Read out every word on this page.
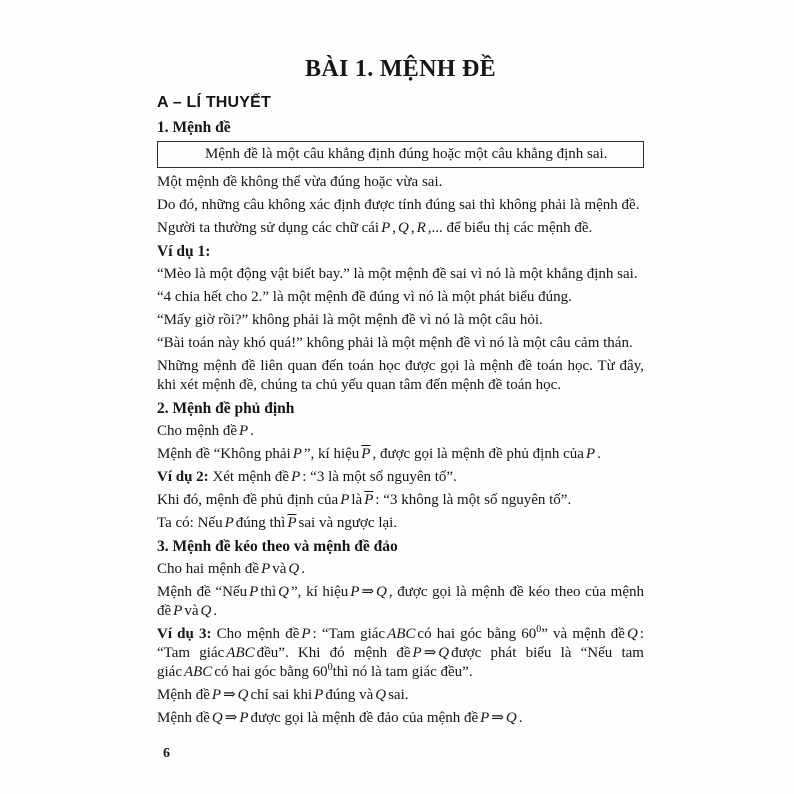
BÀI 1. MỆNH ĐỀ
A – LÍ THUYẾT
1. Mệnh đề
Mệnh đề là một câu khẳng định đúng hoặc một câu khẳng định sai.
Một mệnh đề không thể vừa đúng hoặc vừa sai.
Do đó, những câu không xác định được tính đúng sai thì không phải là mệnh đề.
Người ta thường sử dụng các chữ cái P , Q , R ,... để biểu thị các mệnh đề.
Ví dụ 1:
“Mèo là một động vật biết bay.” là một mệnh đề sai vì nó là một khẳng định sai.
“4 chia hết cho 2.” là một mệnh đề đúng vì nó là một phát biểu đúng.
“Mấy giờ rồi?” không phải là một mệnh đề vì nó là một câu hỏi.
“Bài toán này khó quá!” không phải là một mệnh đề vì nó là một câu cảm thán.
Những mệnh đề liên quan đến toán học được gọi là mệnh đề toán học. Từ đây, khi xét mệnh đề, chúng ta chủ yếu quan tâm đến mệnh đề toán học.
2. Mệnh đề phủ định
Cho mệnh đề P .
Mệnh đề “Không phải P ”, kí hiệu $\overline{P}$ , được gọi là mệnh đề phủ định của P .
Ví dụ 2: Xét mệnh đề P : “3 là một số nguyên tố”.
Khi đó, mệnh đề phủ định của P là $\overline{P}$ : “3 không là một số nguyên tố”.
Ta có: Nếu P đúng thì $\overline{P}$ sai và ngược lại.
3. Mệnh đề kéo theo và mệnh đề đảo
Cho hai mệnh đề P và Q .
Mệnh đề “Nếu P thì Q ”, kí hiệu P ⇒ Q , được gọi là mệnh đề kéo theo của mệnh đề P và Q .
Ví dụ 3: Cho mệnh đề P : “Tam giác ABC có hai góc bằng $60^0$” và mệnh đề Q : “Tam giác ABC đều”. Khi đó mệnh đề P ⇒ Q được phát biểu là “Nếu tam giác ABC có hai góc bằng $60^0thì$ nó là tam giác đều”.
Mệnh đề P ⇒ Q chỉ sai khi P đúng và Q sai.
Mệnh đề Q ⇒ P được gọi là mệnh đề đảo của mệnh đề P ⇒ Q .
6
